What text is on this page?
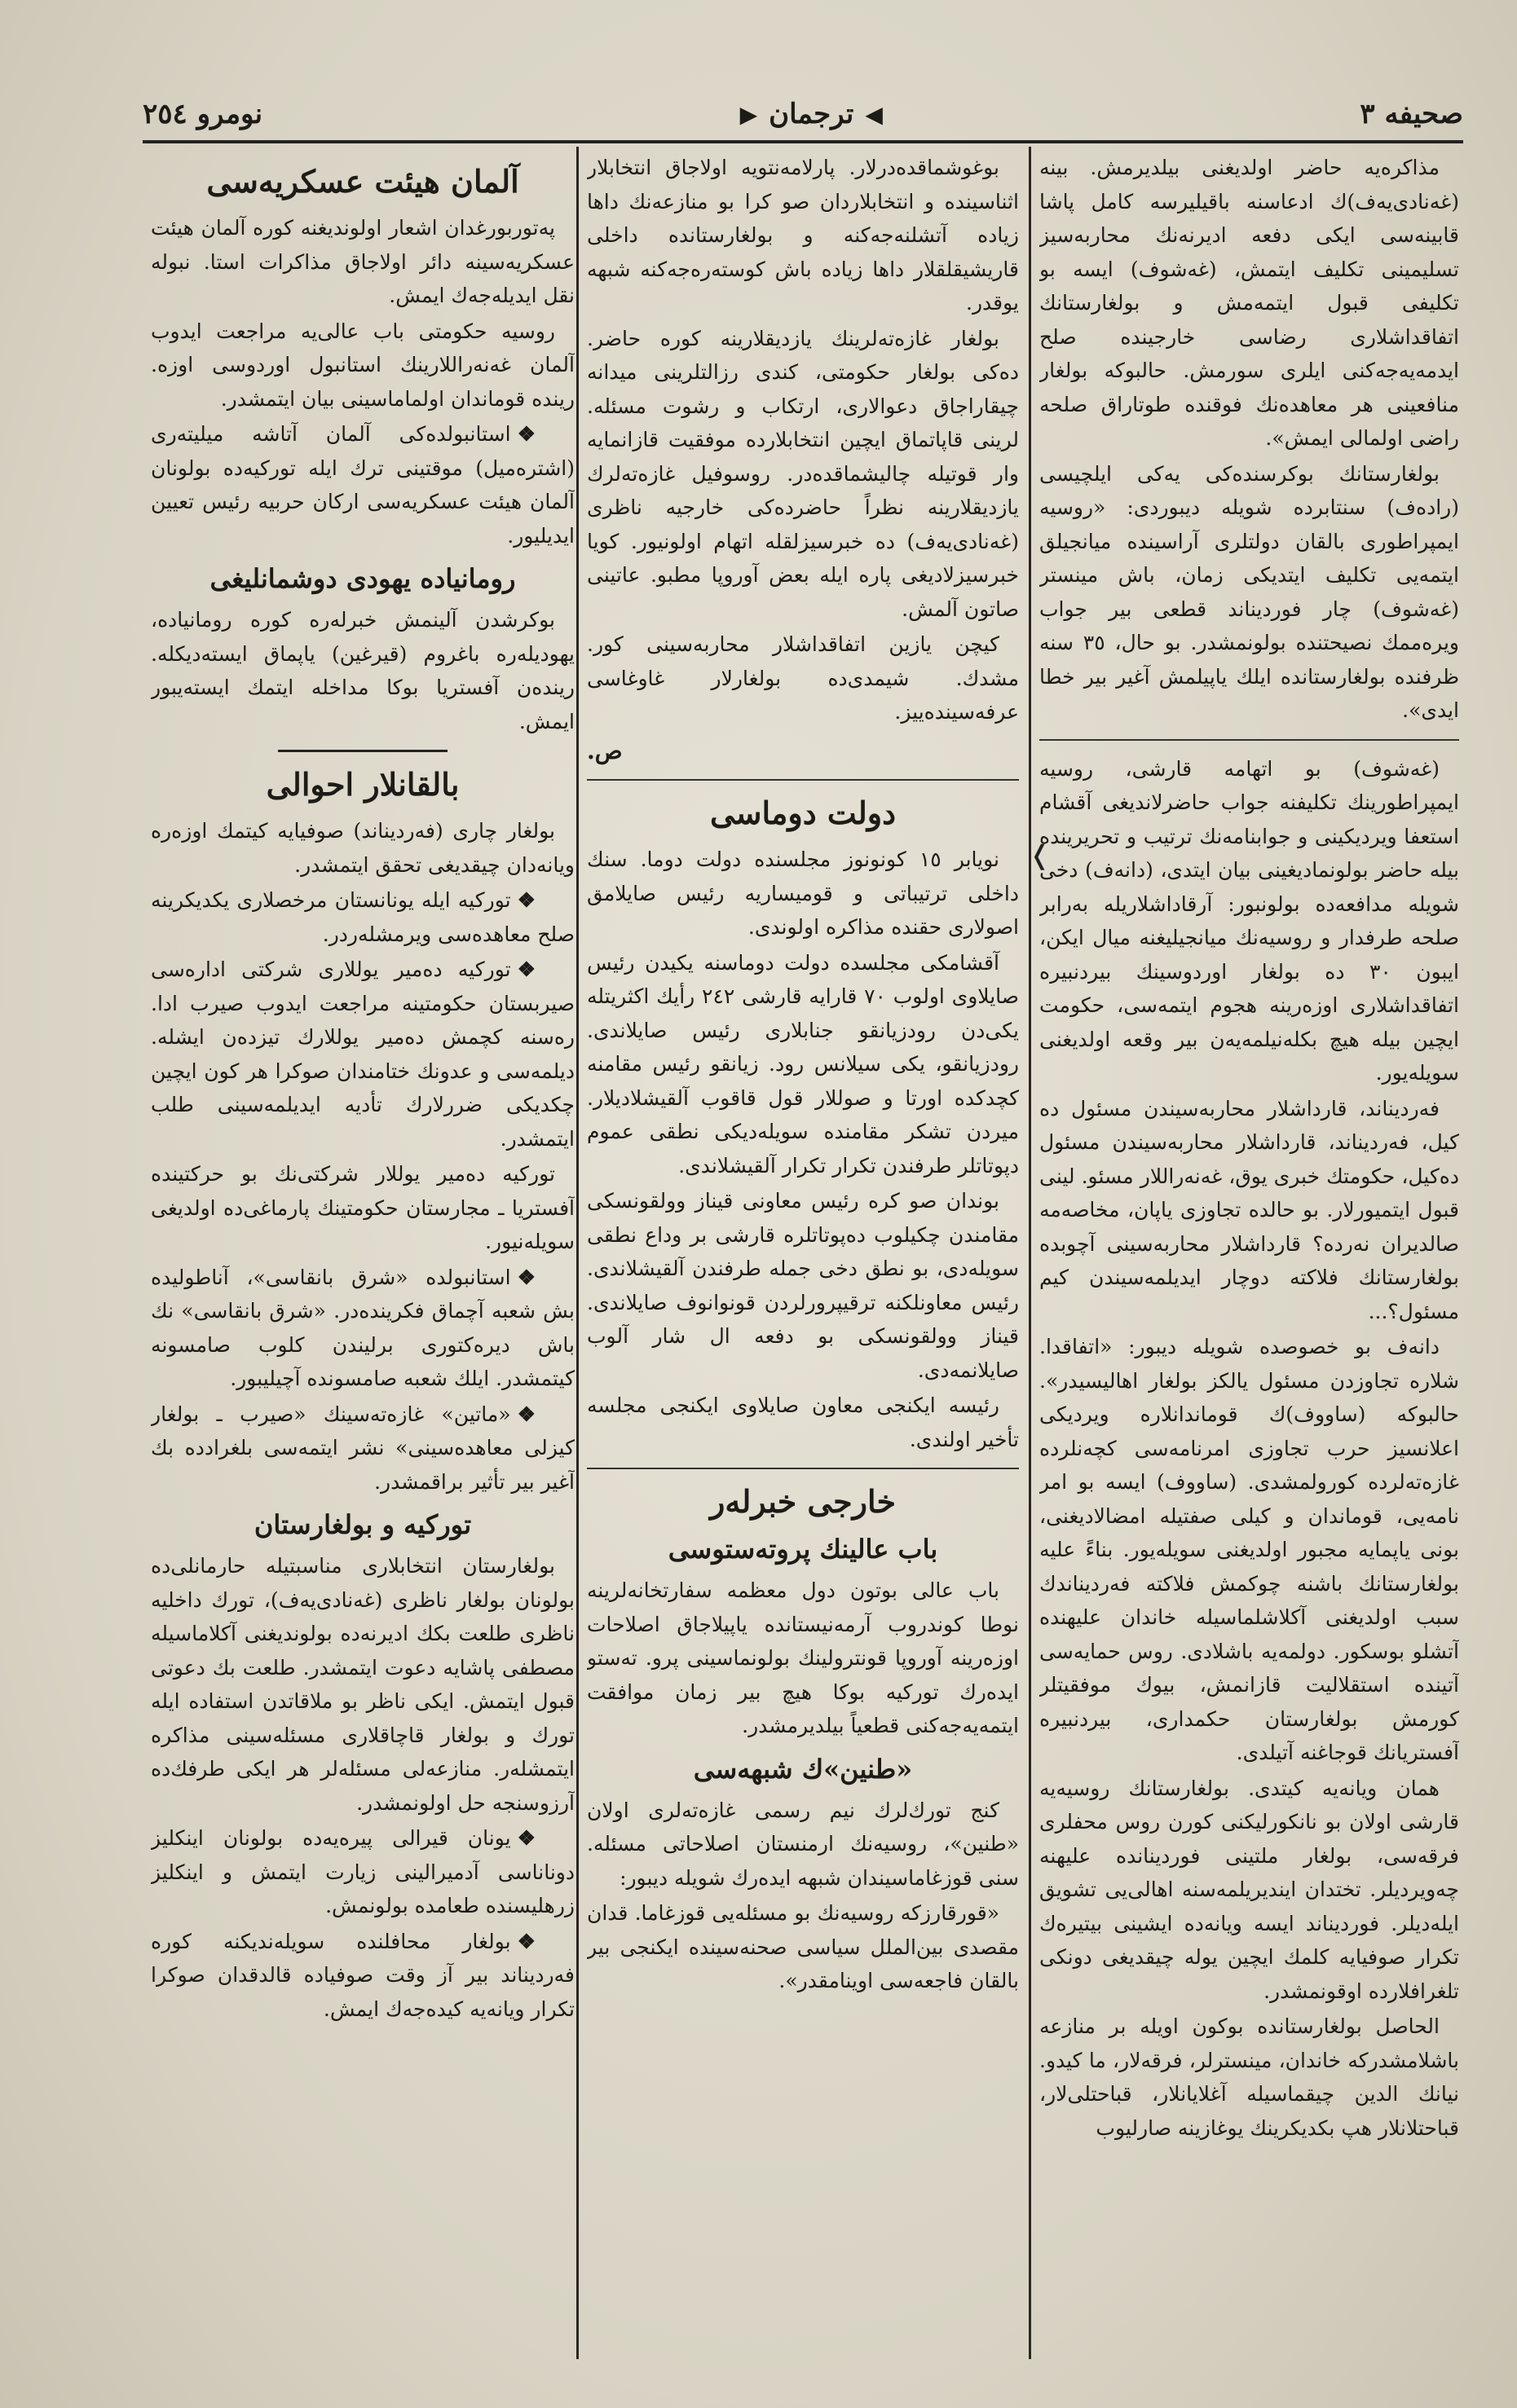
صحیفه ٣
◀
ترجمان
▶
نومرو ٢٥٤
❬

مذاكره‌یه حاضر اولدیغنی بیلدیرمش. بینه (غه‌نادی‌یه‌ف)‌ك ادعاسنه باقیلیرسه كامل پاشا قابینه‌سی ایكی دفعه ادیرنه‌نك محاربه‌سیز تسلیمینی تكلیف ایتمش، (غه‌شوف) ایسه بو تكلیفی قبول ایتمه‌مش و بولغارستانك اتفاقداشلاری رضاسی خارجینده صلح ایدمه‌یه‌جه‌كنی ایلری سورمش. حالبوكه بولغار منافعینی هر معاهده‌نك فوقنده طوتاراق صلحه راضی اولمالی ایمش».

بولغارستانك بوكرسنده‌كی یه‌كی ایلچیسی (راده‌ف) سنتابرده شویله دیبوردی: «روسیه ایمپراطوری بالقان دولتلری آراسینده میانجیلق ایتمه‌یی تكلیف ایتدیكی زمان، باش مینستر (غه‌شوف) چار فوردیناند قطعی بیر جواب ویره‌ممك نصیحتنده بولونمشدر. بو حال، ٣٥ سنه ظرفنده بولغارستانده ایلك یاپیلمش آغیر بیر خطا ایدی».

(غه‌شوف) بو اتهامه قارشی، روسیه ایمپراطورینك تكلیفنه جواب حاضرلاندیغی آقشام استعفا ویردیكینی و جوابنامه‌نك ترتیب و تحریرینده بیله حاضر بولونمادیغینی بیان ایتدی، (دانه‌ف) دخی شویله مدافعه‌ده بولونبور: آرقاداشلاریله به‌رابر صلحه طرفدار و روسیه‌نك میانجیلیغنه میال ایكن، ایبون ٣٠ ده بولغار اوردوسینك بیردنبیره اتفاقداشلاری اوزه‌رینه هجوم ایتمه‌سی، حكومت ایچین بیله هیچ بكله‌نیلمه‌یه‌ن بیر وقعه اولدیغنی سویله‌یور.

فه‌ردیناند، قارداشلار محاربه‌سیندن مسئول ده كیل، فه‌ردیناند، قارداشلار محاربه‌سیندن مسئول ده‌كیل، حكومتك خبری یوق، غه‌نه‌راللار مسئو. لینی قبول ایتمیورلار. بو حالده تجاوزی یاپان، مخاصه‌مه صالدیران نه‌رده؟ قارداشلار محاربه‌سینی آچوبده بولغارستانك فلاكته دوچار ایدیلمه‌سیندن كیم مسئول؟...

دانه‌ف بو خصوصده شویله دیبور: «اتفاقدا. شلاره تجاوزدن مسئول یالكز بولغار اهالیسیدر». حالبوكه (ساووف)‌ك قوماندانلاره ویردیكی اعلانسیز حرب تجاوزی امرنامه‌سی كچه‌نلرده غازه‌ته‌لرده كورولمشدی. (ساووف) ایسه بو امر نامه‌یی، قوماندان و كیلی صفتیله امضالادیغنی، بونی یاپمایه مجبور اولدیغنی سویله‌یور. بناءً علیه بولغارستانك باشنه چوكمش فلاكته فه‌ردیناندك سبب اولدیغنی آكلاشلماسیله خاندان علیهنده آتشلو بوسكور. دولمه‌یه باشلادی. روس حمایه‌سی آتینده استقلالیت قازانمش، بیوك موفقیتلر كورمش بولغارستان حكمداری، بیردنبیره آفستریانك قوجاغنه آتیلدی.

همان ویانه‌یه كیتدی. بولغارستانك روسیه‌یه قارشی اولان بو نانكورلیكنی كورن روس محفلری فرقه‌سی، بولغار ملتینی فوردینانده علیهنه چه‌ویردیلر. تختدان ایندیریلمه‌سنه اهالی‌یی تشویق ایله‌دیلر. فوردیناند ایسه ویانه‌ده ایشینی بیتیره‌ك تكرار صوفیایه كلمك ایچین یوله چیقدیغی دونكی تلغرافلارده اوقونمشدر.

الحاصل بولغارستانده بوكون اویله بر منازعه باشلامشدركه خاندان، مینستر‌لر، فرقه‌لار، ما كیدو. نیانك الدین چیقماسیله آغلایانلار، قباحتلی‌لار، قباحتلانلار هپ بكدیكرینك یوغازینه صارلیوب

بوغوشماقده‌درلار. پارلامه‌نتویه اولاجاق انتخابلار اثناسینده و انتخابلاردان صو كرا بو منازعه‌نك داها زیاده آتشلنه‌جه‌كنه و بولغارستانده داخلی قاریشیقلقلار داها زیاده باش كوسته‌ره‌جه‌كنه شبهه یوقدر.

بولغار غازه‌ته‌لرینك یازدیقلارینه كوره حاضر. ده‌كی بولغار حكومتی، كندی رزالتلرینی میدانه چیقاراجاق دعوالاری، ارتكاب و رشوت مسئله. لرینی قاپاتماق ایچین انتخابلارده موفقیت قازانمایه وار قوتیله چالیشماقده‌در. روسوفیل غازه‌ته‌لرك یازدیقلارینه نظراً حاضرده‌كی خارجیه ناظری (غه‌نادی‌یه‌ف) ده خبرسیزلقله اتهام اولونیور. كویا خبرسیزلادیغی پاره ایله بعض آوروپا مطبو. عاتینی صاتون آلمش.

كیچن یازین اتفاقداشلار محاربه‌سینی كور. مشدك. شیمدی‌ده بولغارلار غاوغاسی عرفه‌سینده‌ییز.

ص.
دولت دوماسی

نویابر ١٥ كونونوز مجلسنده دولت دوما. سنك داخلی ترتیباتی و قومیساریه رئیس صایلامق اصولاری حقنده مذاكره اولوندی.

آقشامكی مجلسده دولت دوماسنه یكیدن رئیس صایلاوی اولوب ٧٠ قارایه قارشی ٢٤٢ رأیك اكثریتله یكی‌دن رودزیانقو جنابلاری رئیس صایلاندی. رودزیانقو، یكی سیلانس رود. زیانقو رئیس مقامنه كچدكده اورتا و صوللار قول قاقوب آلقیشلادیلار. میردن تشكر مقامنده سویله‌دیكی نطقی عموم دپوتاتلر طرفندن تكرار تكرار آلقیشلاندی.

بوندان صو كره رئیس معاونی قیناز وولقونسكی مقامندن چكیلوب ده‌پوتاتلره قارشی بر وداع نطقی سویله‌دی، بو نطق دخی جمله طرفندن آلقیشلاندی. رئیس معاونلكنه ترقیپرورلردن قونوانوف صایلاندی. قیناز وولقونسكی بو دفعه ال شار آلوب صایلانمه‌دی.

رئیسه ایكنجی معاون صایلاوی ایكنجی مجلسه تأخیر اولندی.

خارجی خبرلەر
باب عالینك پروته‌ستوسی

باب عالی بوتون دول معظمه سفارتخانه‌لرینه نوطا كوندروب آرمه‌نیستانده یاپیلاجاق اصلاحات اوزه‌رینه آوروپا قونترولینك بولونماسینی پرو. تەستو ایده‌رك تورکیه بوكا هیچ بیر زمان موافقت ایتمه‌یه‌جه‌كنی قطعیاً بیلدیرمشدر.

«طنین»‌ك شبهه‌سی

كنج تورك‌لرك نیم رسمی غازه‌ته‌لری اولان «طنین»، روسیه‌نك ارمنستان اصلاحاتی مسئله. سنی قوزغاماسیندان شبهه ایده‌رك شویله دیبور:

«قورقارزكه روسیه‌نك بو مسئله‌یی قوزغاما. قدان مقصدی بین‌الملل سیاسی صحنه‌سینده ایكنجی بیر بالقان فاجعه‌سی اوینامقدر».

آلمان هیئت عسكریه‌سی

پەتوربورغدان اشعار اولوندیغنه كوره آلمان هیئت عسكریه‌سینه دائر اولاجاق مذاكرات استا. نبوله نقل ایدیله‌جه‌ك ایمش.

روسیه حكومتی باب عالی‌یه مراجعت ایدوب آلمان غه‌نه‌راللارینك استانبول اوردوسی اوزه. رینده قوماندان اولماماسینی بیان ایتمشدر.

❖استانبولده‌كی آلمان آتاشه میلیته‌ری (اشتره‌میل) موقتینی ترك ایله تورکیه‌ده بولونان آلمان هیئت عسكریه‌سی اركان حربیه رئیس تعیین ایدیلیور.

رومانیاده یهودی دوشمانلیغی

بوكرشدن آلینمش خبرلەره كوره رومانیاده، یهودیلەره باغروم (قیرغین) یاپماق ایسته‌دیكله. رینده‌ن آفستریا بوكا مداخله ایتمك ایسته‌یبور ایمش.

بالقانلار احوالی

بولغار چاری (فه‌ردیناند) صوفیایه كیتمك اوزه‌ره ویانه‌دان چیقدیغی تحقق ایتمشدر.

❖توركیه ایله یونانستان مرخصلاری یكدیكرینه صلح معاهده‌سی ویرمشله‌ردر.

❖توركیه ده‌میر یوللاری شركتی اداره‌سی صیربستان حكومتینه مراجعت ایدوب صیرب ادا. ره‌سنه كچمش ده‌میر یوللارك تیزده‌ن ایشله. دیلمه‌سی و عدونك ختامندان صوكرا هر كون ایچین چكدیكی ضررلارك تأدیه ایدیلمه‌سینی طلب ایتمشدر.

توركیه ده‌میر یوللار شركتی‌نك بو حركتینده آفستریا ـ مجارستان حكومتینك پارماغی‌ده اولدیغی سویله‌نیور.

❖استانبولده «شرق بانقاسی»، آناطولیده بش شعبه آچماق فكرینده‌در. «شرق بانقاسی» نك باش دیره‌كتوری برلیندن كلوب صامسونه كیتمشدر. ایلك شعبه صامسونده آچیلیبور.

❖«ماتین» غازه‌ته‌سینك «صیرب ـ بولغار كیزلی معاهده‌سینی» نشر ایتمه‌سی بلغرادده بك آغیر بیر تأثیر براقمشدر.

توركیه و بولغارستان

بولغارستان انتخابلاری مناسبتیله حارمانلی‌ده بولونان بولغار ناظری (غه‌نادی‌یه‌ف)، تورك داخلیه ناظری طلعت بكك ادیرنه‌ده بولوندیغنی آكلاماسیله مصطفی پاشایه دعوت ایتمشدر. طلعت بك دعوتی قبول ایتمش. ایكی ناظر بو ملاقاتدن استفاده ایله تورك و بولغار قاچاقلاری مسئله‌سینی مذاكره ایتمشلەر. منازعه‌لی مسئله‌لر هر ایكی طرفك‌ده آرزوسنجه حل اولونمشدر.

❖یونان قیرالی پیره‌یه‌ده بولونان اینكلیز دوناناسی آدمیرالینی زیارت ایتمش و اینكلیز زرهلیسنده طعامده بولونمش.

❖بولغار محافلنده سویله‌ندیكنه كوره فه‌ردیناند بیر آز وقت صوفیاده قالدقدان صوكرا تكرار ویانه‌یه كیده‌جه‌ك ایمش.
